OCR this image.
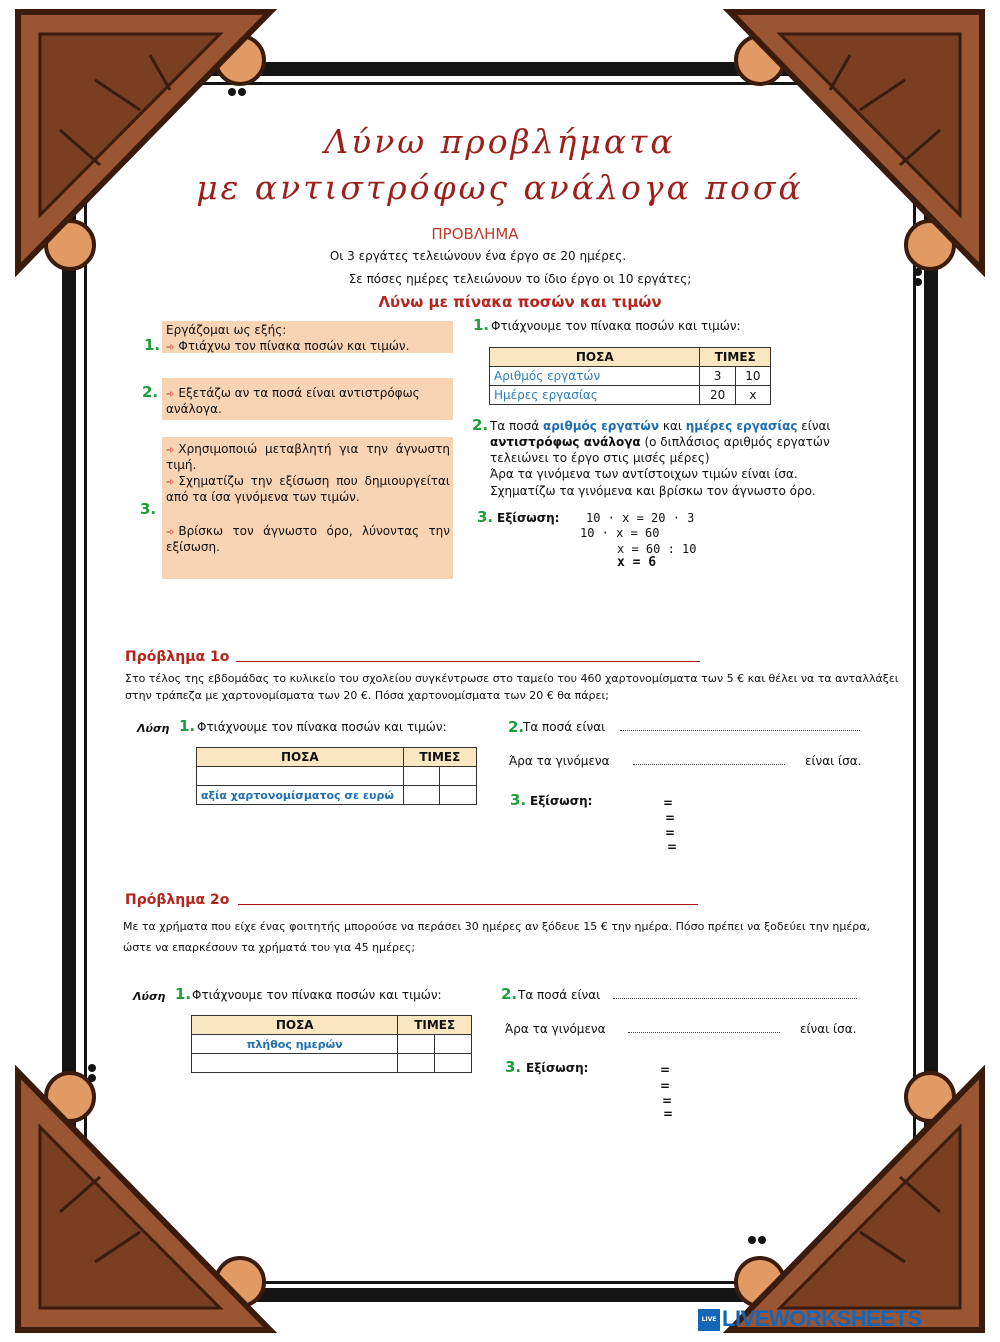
Λύνω προβλήματα
με αντιστρόφως ανάλογα ποσά
ΠΡΟΒΛΗΜΑ
Οι 3 εργάτες τελειώνουν ένα έργο σε 20 ημέρες.
Σε πόσες ημέρες τελειώνουν το ίδιο έργο οι 10 εργάτες;
Λύνω με πίνακα ποσών και τιμών
Εργάζομαι ως εξής:
1. ➾ Φτιάχνω τον πίνακα ποσών και τιμών.
2. ➾ Εξετάζω αν τα ποσά είναι αντιστρόφως ανάλογα.
3.
➾ Χρησιμοποιώ μεταβλητή για την άγνωστη τιμή.
➾ Σχηματίζω την εξίσωση που δημιουργείται από τα ίσα γινόμενα των τιμών.
➾ Βρίσκω τον άγνωστο όρο, λύνοντας την εξίσωση.
1. Φτιάχνουμε τον πίνακα ποσών και τιμών:
ΠΟΣΑ	ΤΙΜΕΣ	
Αριθμός εργατών	3	10
Ημέρες εργασίας	20	x
2. Τα ποσά αριθμός εργατών και ημέρες εργασίας είναι αντιστρόφως ανάλογα (ο διπλάσιος αριθμός εργατών τελειώνει το έργο στις μισές μέρες)
Άρα τα γινόμενα των αντίστοιχων τιμών είναι ίσα.
Σχηματίζω τα γινόμενα και βρίσκω τον άγνωστο όρο.
3. Εξίσωση: 10 · x = 20 · 3
10 · x = 60
x = 60 : 10
x = 6
Πρόβλημα 1ο
Στο τέλος της εβδομάδας το κυλικείο του σχολείου συγκέντρωσε στο ταμείο του 460 χαρτονομίσματα των 5 € και θέλει να τα ανταλλάξει
στην τράπεζα με χαρτονομίσματα των 20 €. Πόσα χαρτονομίσματα των 20 € θα πάρει;
Λύση 1. Φτιάχνουμε τον πίνακα ποσών και τιμών:
ΠΟΣΑ	ΤΙΜΕΣ	

αξία χαρτονομίσματος σε ευρώ		
2.
Τα ποσά είναι
Άρα τα γινόμενα	είναι ίσα.
3. Εξίσωση:	=
=
=
=
Πρόβλημα 2ο
Με τα χρήματα που είχε ένας φοιτητής μπορούσε να περάσει 30 ημέρες αν ξόδευε 15 € την ημέρα. Πόσο πρέπει να ξοδεύει την ημέρα,
ώστε να επαρκέσουν τα χρήματά του για 45 ημέρες;
Λύση 1. Φτιάχνουμε τον πίνακα ποσών και τιμών:
ΠΟΣΑ	ΤΙΜΕΣ	
πλήθος ημερών		

2. Τα ποσά είναι
Άρα τα γινόμενα	είναι ίσα.
3. Εξίσωση:	=
=
=
=
LIVE LIVEWORKSHEETS
